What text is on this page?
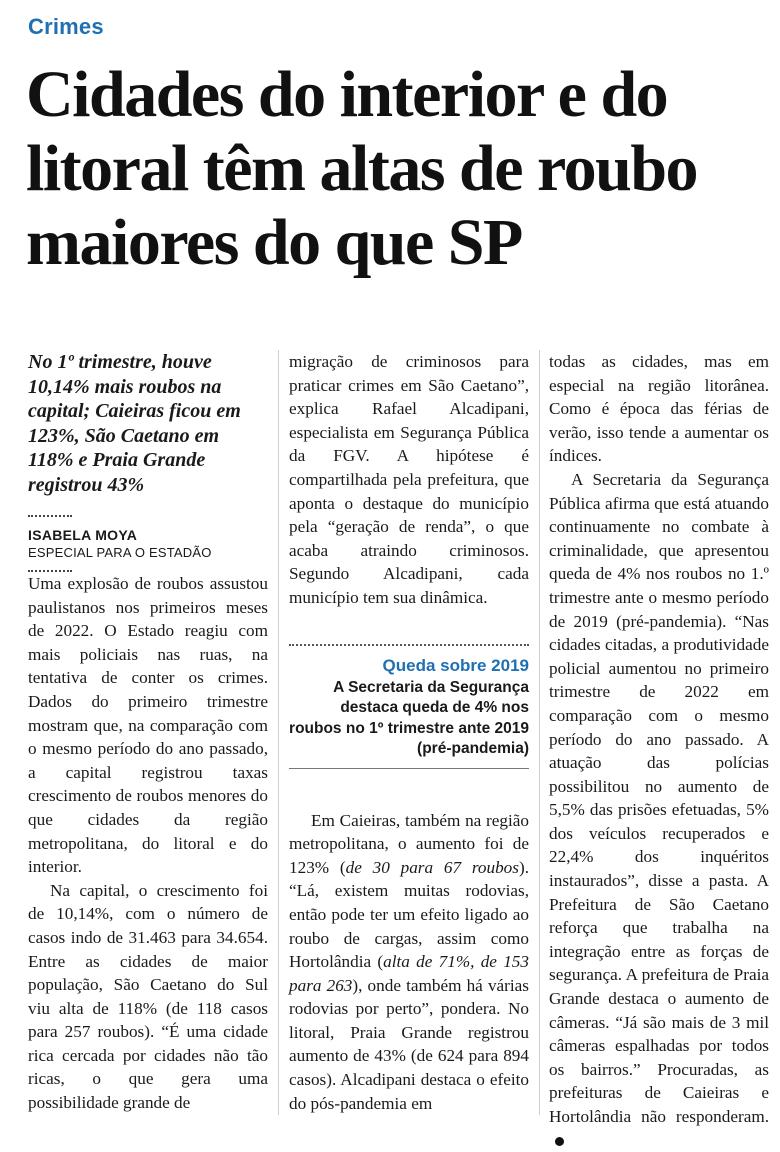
Crimes
Cidades do interior e do
litoral têm altas de roubo
maiores do que SP

No 1º trimestre, houve 10,14% mais roubos na capital; Caieiras ficou em 123%, São Caetano em 118% e Praia Grande registrou 43%

ISABELA MOYA
ESPECIAL PARA O ESTADÃO

Uma explosão de roubos assustou paulistanos nos primeiros meses de 2022. O Estado reagiu com mais policiais nas ruas, na tentativa de conter os crimes. Dados do primeiro trimestre mostram que, na comparação com o mesmo período do ano passado, a capital registrou taxas crescimento de roubos menores do que cidades da região metropolitana, do litoral e do interior.

Na capital, o crescimento foi de 10,14%, com o número de casos indo de 31.463 para 34.654. Entre as cidades de maior população, São Caetano do Sul viu alta de 118% (de 118 casos para 257 roubos). “É uma cidade rica cercada por cidades não tão ricas, o que gera uma possibilidade grande de

migração de criminosos para praticar crimes em São Caetano”, explica Rafael Alcadipani, especialista em Segurança Pública da FGV. A hipótese é compartilhada pela prefeitura, que aponta o destaque do município pela “geração de renda”, o que acaba atraindo criminosos. Segundo Alcadipani, cada município tem sua dinâmica.

Queda sobre 2019

A Secretaria da Segurança destaca queda de 4% nos roubos no 1º trimestre ante 2019 (pré-pandemia)

Em Caieiras, também na região metropolitana, o aumento foi de 123% (de 30 para 67 roubos). “Lá, existem muitas rodovias, então pode ter um efeito ligado ao roubo de cargas, assim como Hortolândia (alta de 71%, de 153 para 263), onde também há várias rodovias por perto”, pondera. No litoral, Praia Grande registrou aumento de 43% (de 624 para 894 casos). Alcadipani destaca o efeito do pós-pandemia em

todas as cidades, mas em especial na região litorânea. Como é época das férias de verão, isso tende a aumentar os índices.

A Secretaria da Segurança Pública afirma que está atuando continuamente no combate à criminalidade, que apresentou queda de 4% nos roubos no 1.º trimestre ante o mesmo período de 2019 (pré-pandemia). “Nas cidades citadas, a produtividade policial aumentou no primeiro trimestre de 2022 em comparação com o mesmo período do ano passado. A atuação das polícias possibilitou no aumento de 5,5% das prisões efetuadas, 5% dos veículos recuperados e 22,4% dos inquéritos instaurados”, disse a pasta. A Prefeitura de São Caetano reforça que trabalha na integração entre as forças de segurança. A prefeitura de Praia Grande destaca o aumento de câmeras. “Já são mais de 3 mil câmeras espalhadas por todos os bairros.” Procuradas, as prefeituras de Caieiras e Hortolândia não responderam.
